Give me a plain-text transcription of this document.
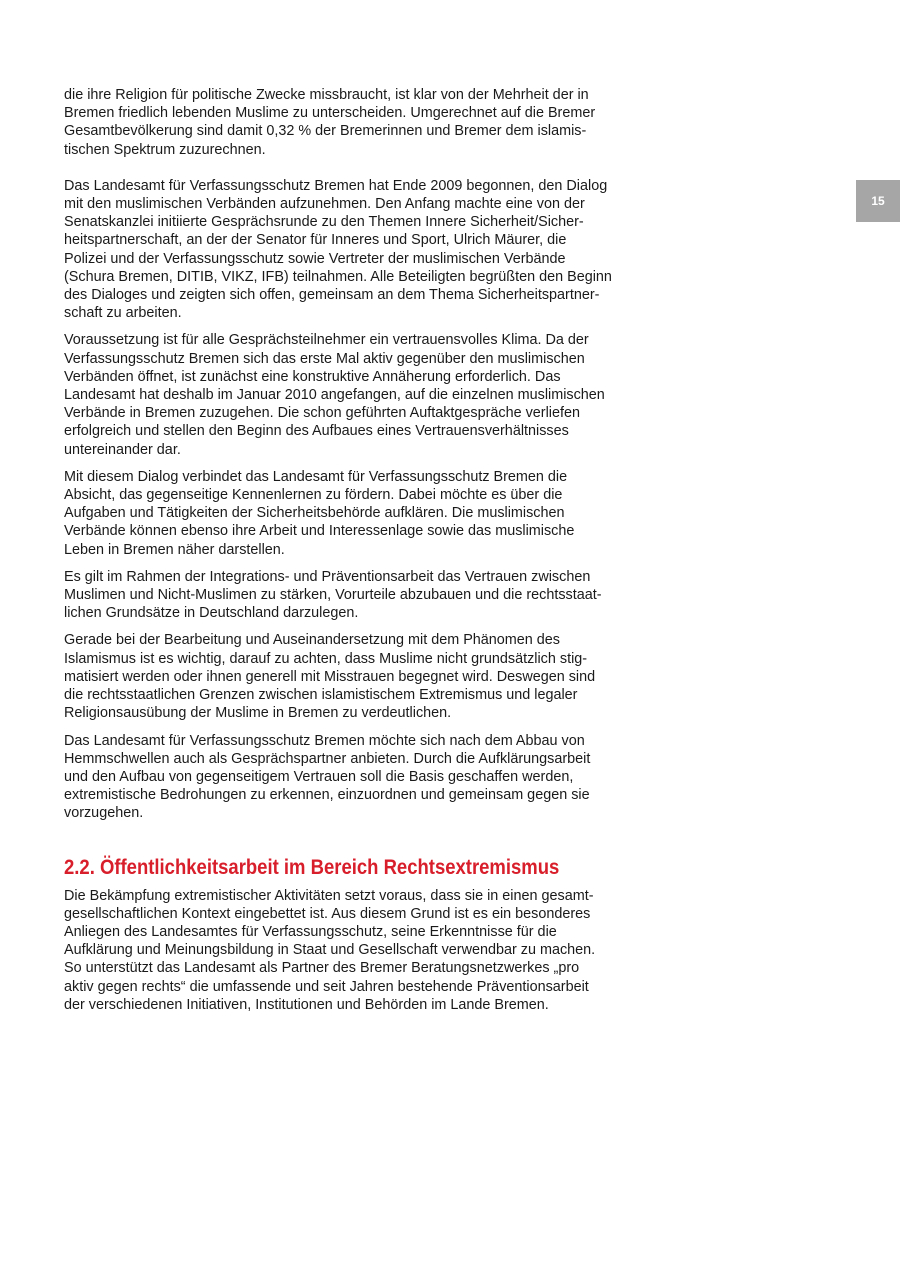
15

die ihre Religion für politische Zwecke missbraucht, ist klar von der Mehrheit der in
Bremen friedlich lebenden Muslime zu unterscheiden. Umgerechnet auf die Bremer
Gesamtbevölkerung sind damit 0,32 % der Bremerinnen und Bremer dem islamis-
tischen Spektrum zuzurechnen.

Das Landesamt für Verfassungsschutz Bremen hat Ende 2009 begonnen, den Dialog
mit den muslimischen Verbänden aufzunehmen. Den Anfang machte eine von der
Senatskanzlei initiierte Gesprächsrunde zu den Themen Innere Sicherheit/Sicher-
heitspartnerschaft, an der der Senator für Inneres und Sport, Ulrich Mäurer, die
Polizei und der Verfassungsschutz sowie Vertreter der muslimischen Verbände
(Schura Bremen, DITIB, VIKZ, IFB) teilnahmen. Alle Beteiligten begrüßten den Beginn
des Dialoges und zeigten sich offen, gemeinsam an dem Thema Sicherheitspartner-
schaft zu arbeiten.

Voraussetzung ist für alle Gesprächsteilnehmer ein vertrauensvolles Klima. Da der
Verfassungsschutz Bremen sich das erste Mal aktiv gegenüber den muslimischen
Verbänden öffnet, ist zunächst eine konstruktive Annäherung erforderlich. Das
Landesamt hat deshalb im Januar 2010 angefangen, auf die einzelnen muslimischen
Verbände in Bremen zuzugehen. Die schon geführten Auftaktgespräche verliefen
erfolgreich und stellen den Beginn des Aufbaues eines Vertrauensverhältnisses
untereinander dar.

Mit diesem Dialog verbindet das Landesamt für Verfassungsschutz Bremen die
Absicht, das gegenseitige Kennenlernen zu fördern. Dabei möchte es über die
Aufgaben und Tätigkeiten der Sicherheitsbehörde aufklären. Die muslimischen
Verbände können ebenso ihre Arbeit und Interessenlage sowie das muslimische
Leben in Bremen näher darstellen.

Es gilt im Rahmen der Integrations- und Präventionsarbeit das Vertrauen zwischen
Muslimen und Nicht-Muslimen zu stärken, Vorurteile abzubauen und die rechtsstaat-
lichen Grundsätze in Deutschland darzulegen.

Gerade bei der Bearbeitung und Auseinandersetzung mit dem Phänomen des
Islamismus ist es wichtig, darauf zu achten, dass Muslime nicht grundsätzlich stig-
matisiert werden oder ihnen generell mit Misstrauen begegnet wird. Deswegen sind
die rechtsstaatlichen Grenzen zwischen islamistischem Extremismus und legaler
Religionsausübung der Muslime in Bremen zu verdeutlichen.

Das Landesamt für Verfassungsschutz Bremen möchte sich nach dem Abbau von
Hemmschwellen auch als Gesprächspartner anbieten. Durch die Aufklärungsarbeit
und den Aufbau von gegenseitigem Vertrauen soll die Basis geschaffen werden,
extremistische Bedrohungen zu erkennen, einzuordnen und gemeinsam gegen sie
vorzugehen.

2.2. Öffentlichkeitsarbeit im Bereich Rechtsextremismus

Die Bekämpfung extremistischer Aktivitäten setzt voraus, dass sie in einen gesamt-
gesellschaftlichen Kontext eingebettet ist. Aus diesem Grund ist es ein besonderes
Anliegen des Landesamtes für Verfassungsschutz, seine Erkenntnisse für die
Aufklärung und Meinungsbildung in Staat und Gesellschaft verwendbar zu machen.
So unterstützt das Landesamt als Partner des Bremer Beratungsnetzwerkes „pro
aktiv gegen rechts“ die umfassende und seit Jahren bestehende Präventionsarbeit
der verschiedenen Initiativen, Institutionen und Behörden im Lande Bremen.
